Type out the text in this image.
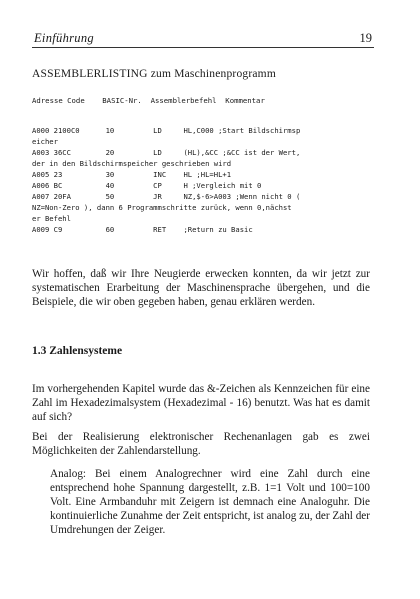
Einführung	19
ASSEMBLERLISTING zum Maschinenprogramm
Adresse Code    BASIC-Nr.  Assemblerbefehl  Kommentar
A000 2100C0      10         LD     HL,C000 ;Start Bildschirmsp
eicher
A003 36CC        20         LD     (HL),&CC ;&CC ist der Wert,
der in den Bildschirmspeicher geschrieben wird
A005 23          30         INC    HL ;HL=HL+1
A006 BC          40         CP     H ;Vergleich mit 0
A007 20FA        50         JR     NZ,$-6>A003 ;Wenn nicht 0 (
NZ=Non-Zero ), dann 6 Programmschritte zurück, wenn 0,nächst
er Befehl
A009 C9          60         RET    ;Return zu Basic

Wir hoffen, daß wir Ihre Neugierde erwecken konnten, da wir jetzt zur systematischen Erarbeitung der Maschinensprache übergehen, und die Beispiele, die wir oben gegeben haben, genau erklären werden.

1.3 Zahlensysteme

Im vorhergehenden Kapitel wurde das &-Zeichen als Kennzeichen für eine Zahl im Hexadezimalsystem (Hexadezimal - 16) benutzt. Was hat es damit auf sich?

Bei der Realisierung elektronischer Rechenanlagen gab es zwei Möglichkeiten der Zahlendarstellung.

Analog: Bei einem Analogrechner wird eine Zahl durch eine entsprechend hohe Spannung dargestellt, z.B. 1=1 Volt und 100=100 Volt. Eine Armbanduhr mit Zeigern ist demnach eine Analoguhr. Die kontinuierliche Zunahme der Zeit entspricht, ist analog zu, der Zahl der Umdrehungen der Zeiger.
